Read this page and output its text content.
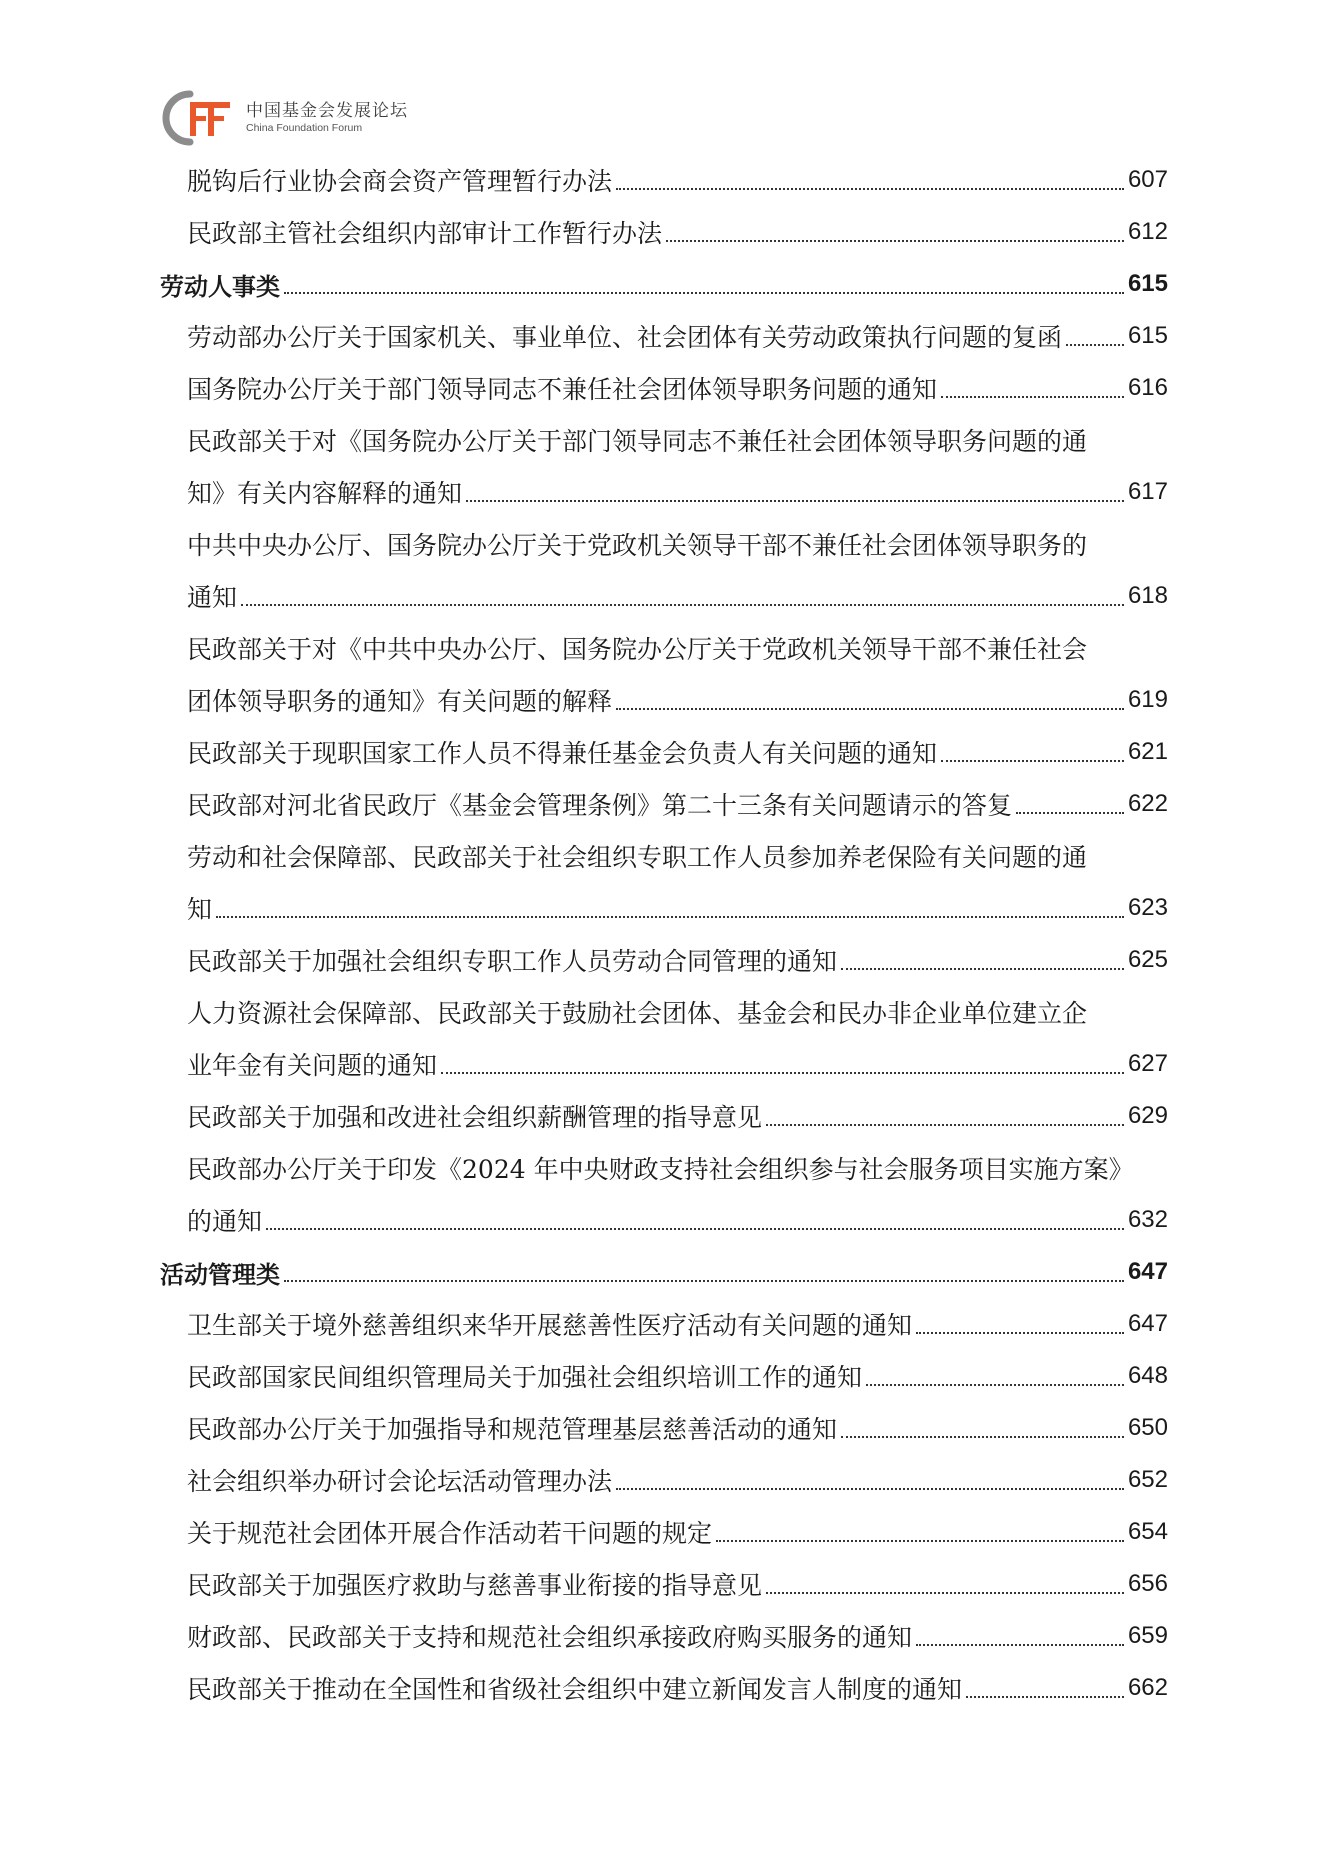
中国基金会发展论坛
China Foundation Forum
脱钩后行业协会商会资产管理暂行办法	607
民政部主管社会组织内部审计工作暂行办法	612
劳动人事类	615
劳动部办公厅关于国家机关、事业单位、社会团体有关劳动政策执行问题的复函	615
国务院办公厅关于部门领导同志不兼任社会团体领导职务问题的通知	616
民政部关于对《国务院办公厅关于部门领导同志不兼任社会团体领导职务问题的通
知》有关内容解释的通知	617
中共中央办公厅、国务院办公厅关于党政机关领导干部不兼任社会团体领导职务的
通知	618
民政部关于对《中共中央办公厅、国务院办公厅关于党政机关领导干部不兼任社会
团体领导职务的通知》有关问题的解释	619
民政部关于现职国家工作人员不得兼任基金会负责人有关问题的通知	621
民政部对河北省民政厅《基金会管理条例》第二十三条有关问题请示的答复	622
劳动和社会保障部、民政部关于社会组织专职工作人员参加养老保险有关问题的通
知	623
民政部关于加强社会组织专职工作人员劳动合同管理的通知	625
人力资源社会保障部、民政部关于鼓励社会团体、基金会和民办非企业单位建立企
业年金有关问题的通知	627
民政部关于加强和改进社会组织薪酬管理的指导意见	629
民政部办公厅关于印发《2024 年中央财政支持社会组织参与社会服务项目实施方案》
的通知	632
活动管理类	647
卫生部关于境外慈善组织来华开展慈善性医疗活动有关问题的通知	647
民政部国家民间组织管理局关于加强社会组织培训工作的通知	648
民政部办公厅关于加强指导和规范管理基层慈善活动的通知	650
社会组织举办研讨会论坛活动管理办法	652
关于规范社会团体开展合作活动若干问题的规定	654
民政部关于加强医疗救助与慈善事业衔接的指导意见	656
财政部、民政部关于支持和规范社会组织承接政府购买服务的通知	659
民政部关于推动在全国性和省级社会组织中建立新闻发言人制度的通知	662
